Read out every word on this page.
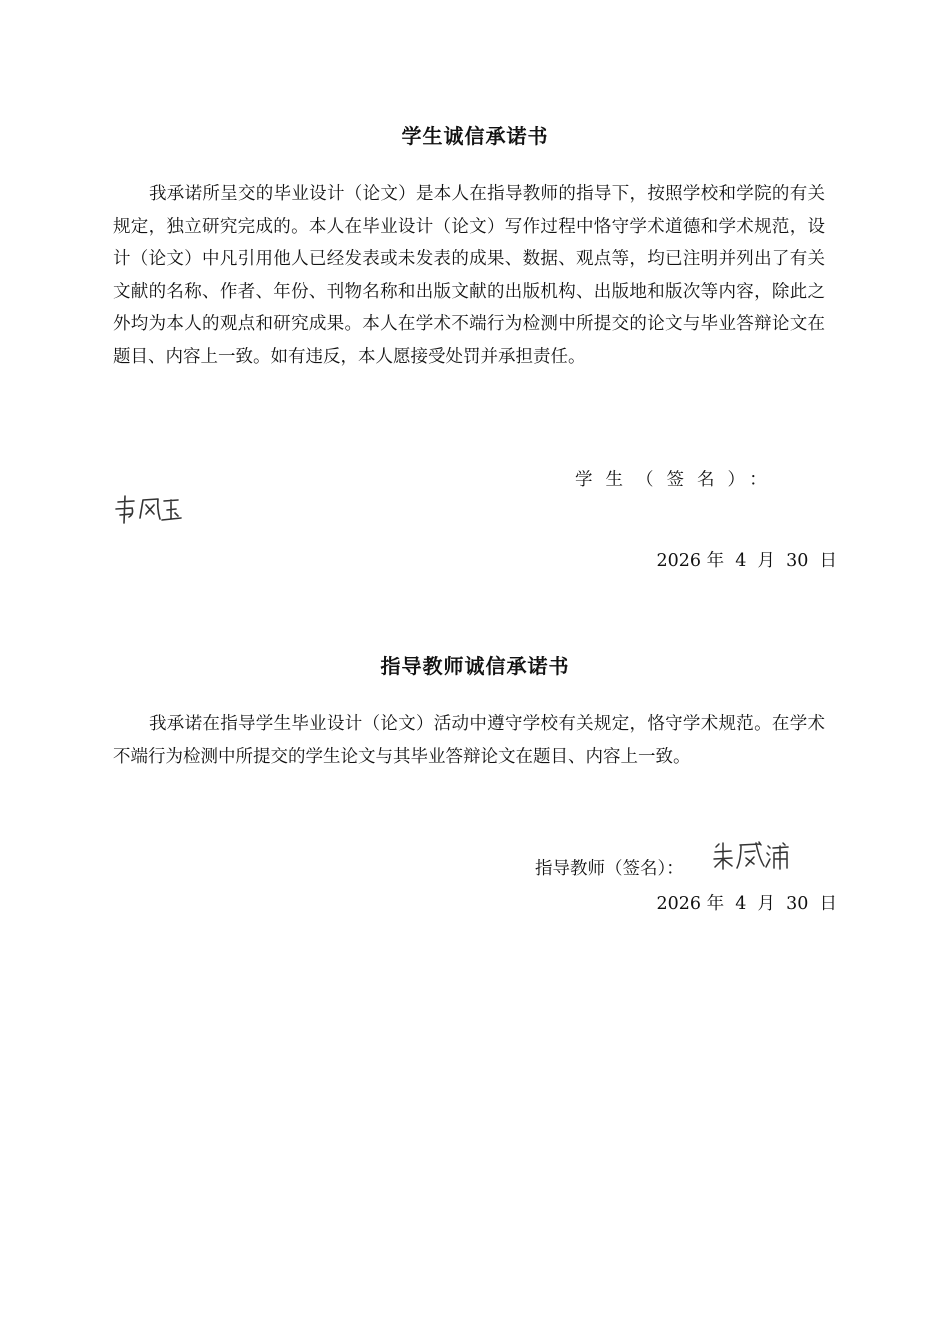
学生诚信承诺书

我承诺所呈交的毕业设计（论文）是本人在指导教师的指导下，按照学校和学院的有关规定，独立研究完成的。本人在毕业设计（论文）写作过程中恪守学术道德和学术规范，设计（论文）中凡引用他人已经发表或未发表的成果、数据、观点等，均已注明并列出了有关文献的名称、作者、年份、刊物名称和出版文献的出版机构、出版地和版次等内容，除此之外均为本人的观点和研究成果。本人在学术不端行为检测中所提交的论文与毕业答辩论文在题目、内容上一致。如有违反，本人愿接受处罚并承担责任。

学生（签名）：
2026 年  4  月  30  日
指导教师诚信承诺书

我承诺在指导学生毕业设计（论文）活动中遵守学校有关规定，恪守学术规范。在学术不端行为检测中所提交的学生论文与其毕业答辩论文在题目、内容上一致。

指导教师（签名）：
2026 年  4  月  30  日
